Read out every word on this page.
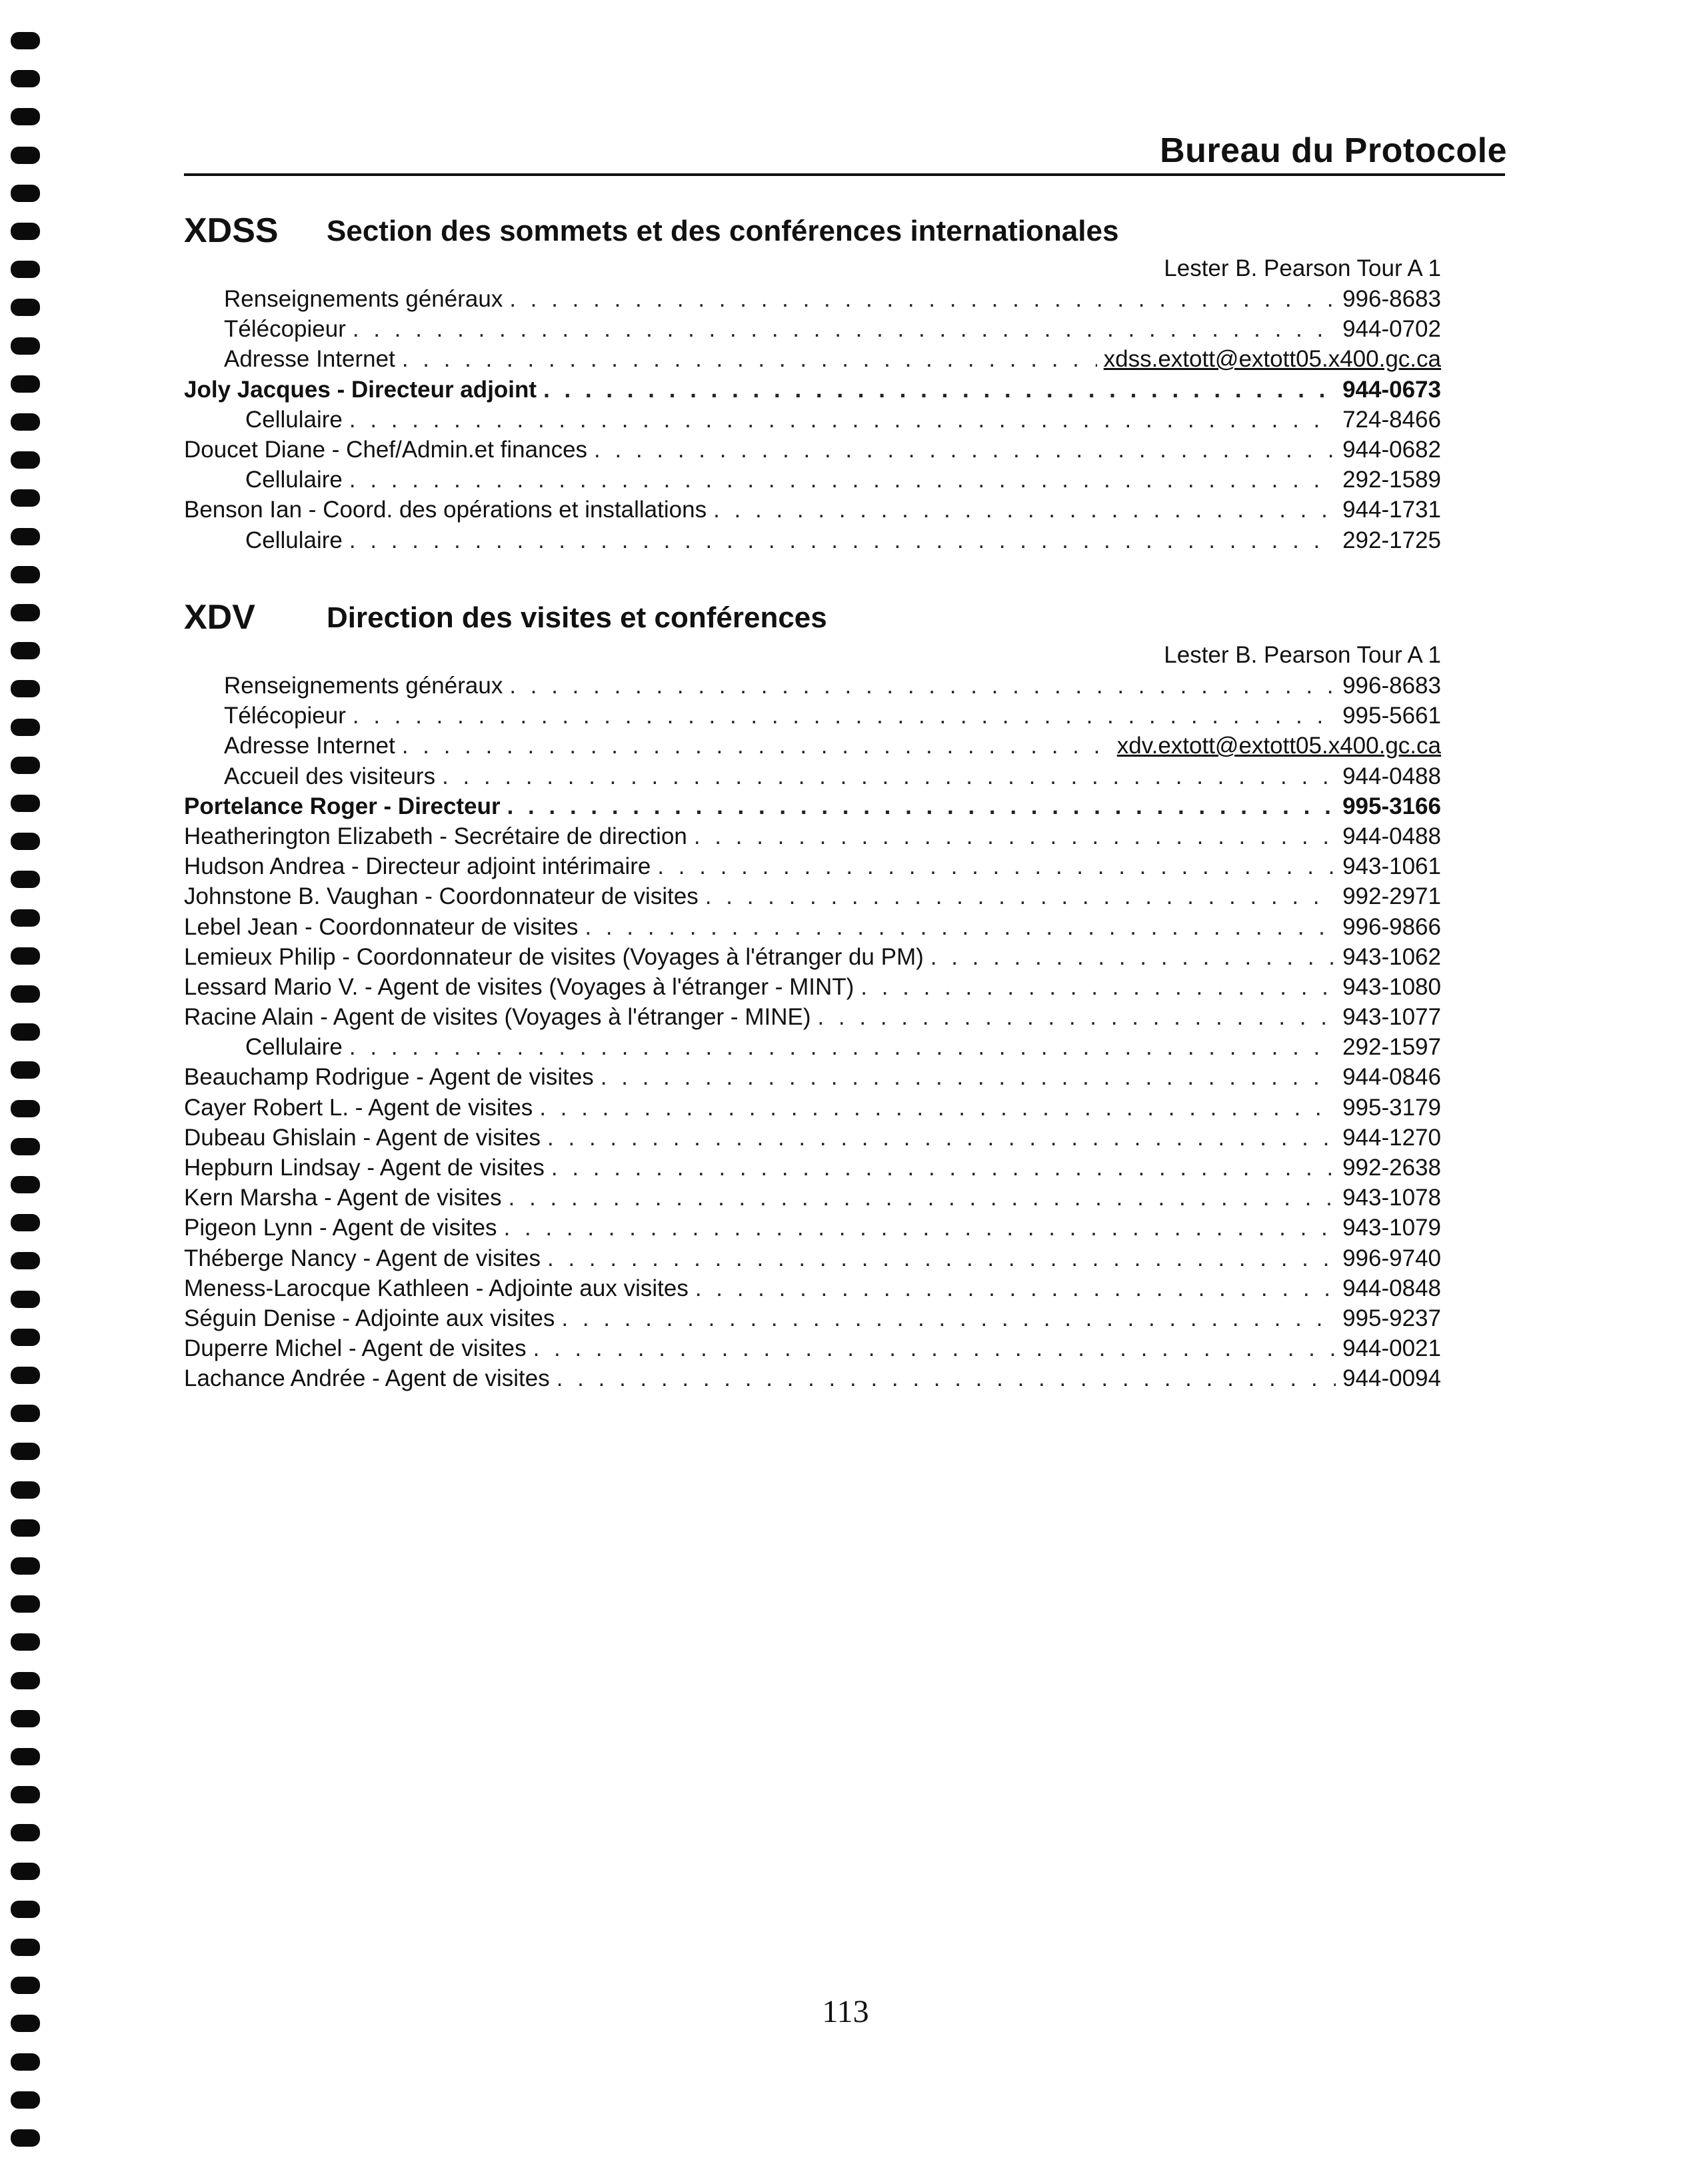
Bureau du Protocole
XDSS Section des sommets et des conférences internationales
Lester B. Pearson Tour A 1
Renseignements généraux . . .	996-8683
Télécopieur . . .	944-0702
Adresse Internet . . .	xdss.extott@extott05.x400.gc.ca
Joly Jacques - Directeur adjoint . . .	944-0673
Cellulaire . . .	724-8466
Doucet Diane - Chef/Admin.et finances . . .	944-0682
Cellulaire . . .	292-1589
Benson Ian - Coord. des opérations et installations . . .	944-1731
Cellulaire . . .	292-1725
XDV Direction des visites et conférences
Lester B. Pearson Tour A 1
Renseignements généraux . . .	996-8683
Télécopieur . . .	995-5661
Adresse Internet . . .	xdv.extott@extott05.x400.gc.ca
Accueil des visiteurs . . .	944-0488
Portelance Roger - Directeur . . .	995-3166
Heatherington Elizabeth - Secrétaire de direction . . .	944-0488
Hudson Andrea - Directeur adjoint intérimaire . . .	943-1061
Johnstone B. Vaughan - Coordonnateur de visites . . .	992-2971
Lebel Jean - Coordonnateur de visites . . .	996-9866
Lemieux Philip - Coordonnateur de visites (Voyages à l'étranger du PM) . . .	943-1062
Lessard Mario V. - Agent de visites (Voyages à l'étranger - MINT) . . .	943-1080
Racine Alain - Agent de visites (Voyages à l'étranger - MINE) . . .	943-1077
Cellulaire . . .	292-1597
Beauchamp Rodrigue - Agent de visites . . .	944-0846
Cayer Robert L. - Agent de visites . . .	995-3179
Dubeau Ghislain - Agent de visites . . .	944-1270
Hepburn Lindsay - Agent de visites . . .	992-2638
Kern Marsha - Agent de visites . . .	943-1078
Pigeon Lynn - Agent de visites . . .	943-1079
Théberge Nancy - Agent de visites . . .	996-9740
Meness-Larocque Kathleen - Adjointe aux visites . . .	944-0848
Séguin Denise - Adjointe aux visites . . .	995-9237
Duperre Michel - Agent de visites . . .	944-0021
Lachance Andrée - Agent de visites . . .	944-0094
113
